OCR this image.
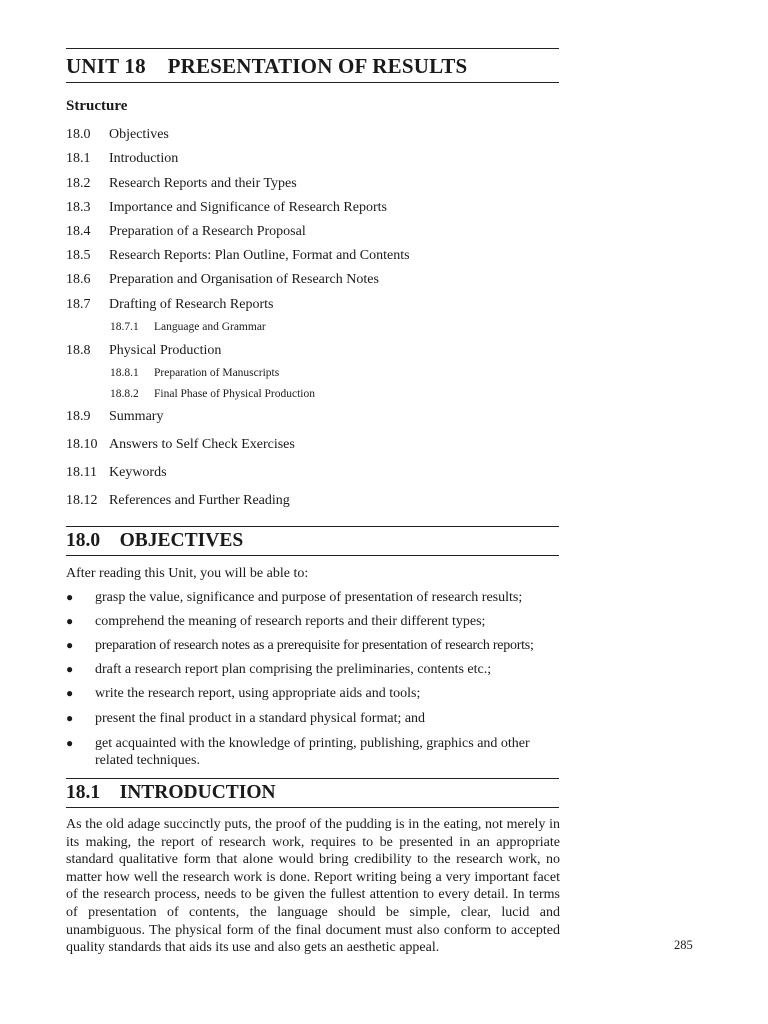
UNIT 18    PRESENTATION OF RESULTS
Structure
18.0 Objectives
18.1 Introduction
18.2 Research Reports and their Types
18.3 Importance and Significance of Research Reports
18.4 Preparation of a Research Proposal
18.5 Research Reports: Plan Outline, Format and Contents
18.6 Preparation and Organisation of Research Notes
18.7 Drafting of Research Reports
18.7.1 Language and Grammar
18.8 Physical Production
18.8.1 Preparation of Manuscripts
18.8.2 Final Phase of Physical Production
18.9 Summary
18.10 Answers to Self Check Exercises
18.11 Keywords
18.12 References and Further Reading
18.0    OBJECTIVES
After reading this Unit, you will be able to:
● grasp the value, significance and purpose of presentation of research results;
● comprehend the meaning of research reports and their different types;
● preparation of research notes as a prerequisite for presentation of research reports;
● draft a research report plan comprising the preliminaries, contents etc.;
● write the research report, using appropriate aids and tools;
● present the final product in a standard physical format; and
● get acquainted with the knowledge of printing, publishing, graphics and other related techniques.
18.1    INTRODUCTION
As the old adage succinctly puts, the proof of the pudding is in the eating, not merely in its making, the report of research work, requires to be presented in an appropriate standard qualitative form that alone would bring credibility to the research work, no matter how well the research work is done. Report writing being a very important facet of the research process, needs to be given the fullest attention to every detail. In terms of presentation of contents, the language should be simple, clear, lucid and unambiguous. The physical form of the final document must also conform to accepted quality standards that aids its use and also gets an aesthetic appeal.	285
